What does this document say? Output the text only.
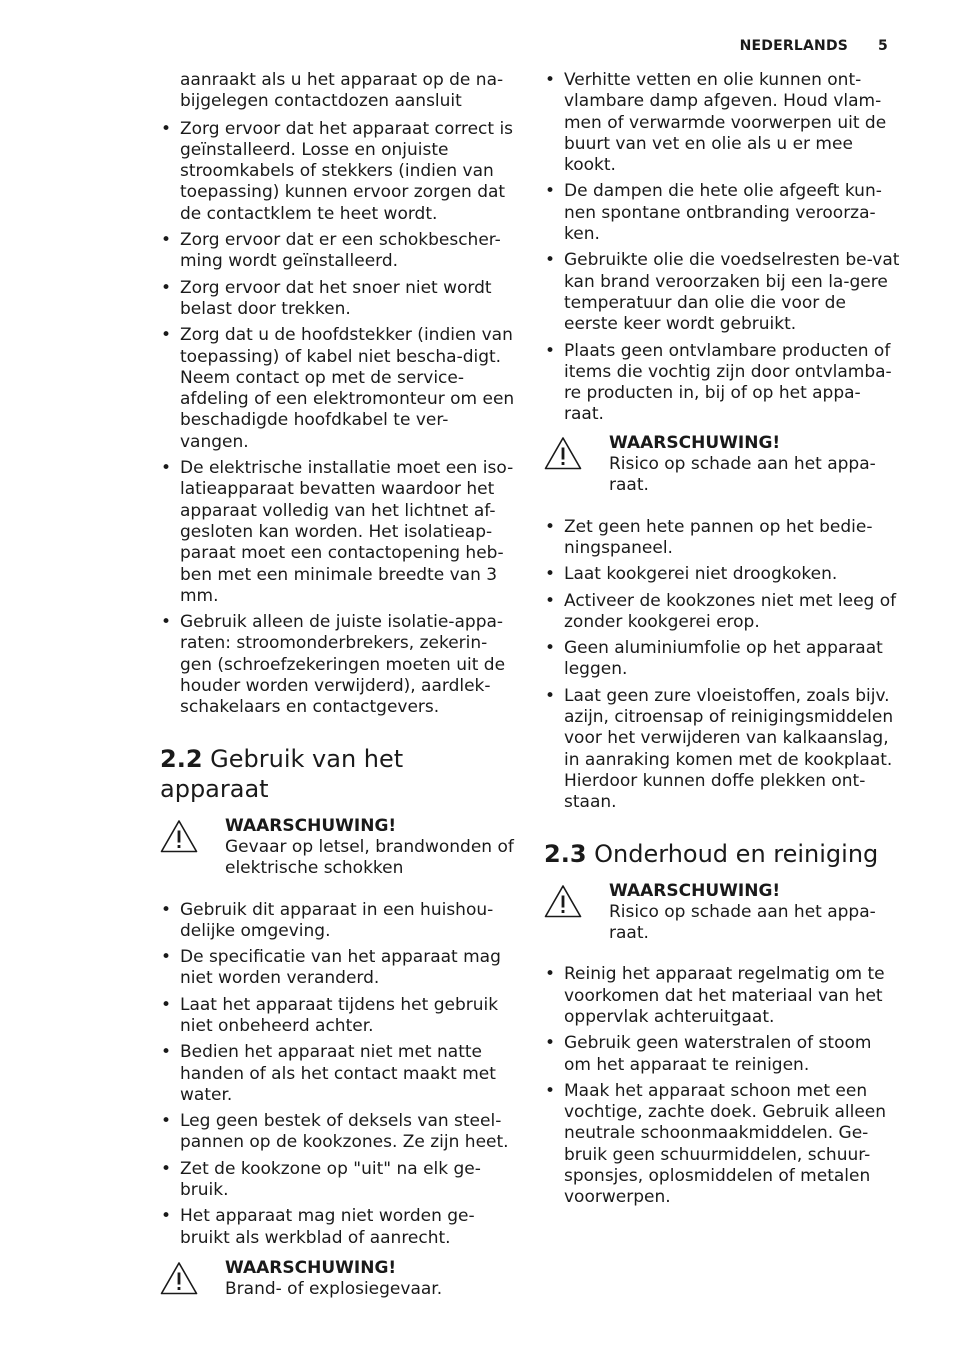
NEDERLANDS 5
aanraakt als u het apparaat op de na-bijgelegen contactdozen aansluit
• Zorg ervoor dat het apparaat correct is geïnstalleerd. Losse en onjuiste stroomkabels of stekkers (indien van toepassing) kunnen ervoor zorgen dat de contactklem te heet wordt.
• Zorg ervoor dat er een schokbescher-ming wordt geïnstalleerd.
• Zorg ervoor dat het snoer niet wordt belast door trekken.
• Zorg dat u de hoofdstekker (indien van toepassing) of kabel niet bescha-digt. Neem contact op met de service-afdeling of een elektromonteur om een beschadigde hoofdkabel te ver-vangen.
• De elektrische installatie moet een iso-latieapparaat bevatten waardoor het apparaat volledig van het lichtnet af-gesloten kan worden. Het isolatieap-paraat moet een contactopening heb-ben met een minimale breedte van 3 mm.
• Gebruik alleen de juiste isolatie-appa-raten: stroomonderbrekers, zekerin-gen (schroefzekeringen moeten uit de houder worden verwijderd), aardlek-schakelaars en contactgevers.
2.2 Gebruik van het apparaat
WAARSCHUWING!
Gevaar op letsel, brandwonden of elektrische schokken
• Gebruik dit apparaat in een huishou-delijke omgeving.
• De specificatie van het apparaat mag niet worden veranderd.
• Laat het apparaat tijdens het gebruik niet onbeheerd achter.
• Bedien het apparaat niet met natte handen of als het contact maakt met water.
• Leg geen bestek of deksels van steel-pannen op de kookzones. Ze zijn heet.
• Zet de kookzone op "uit" na elk ge-bruik.
• Het apparaat mag niet worden ge-bruikt als werkblad of aanrecht.
WAARSCHUWING!
Brand- of explosiegevaar.
• Verhitte vetten en olie kunnen ont-vlambare damp afgeven. Houd vlam-men of verwarmde voorwerpen uit de buurt van vet en olie als u er mee kookt.
• De dampen die hete olie afgeeft kun-nen spontane ontbranding veroorza-ken.
• Gebruikte olie die voedselresten be-vat kan brand veroorzaken bij een la-gere temperatuur dan olie die voor de eerste keer wordt gebruikt.
• Plaats geen ontvlambare producten of items die vochtig zijn door ontvlamba-re producten in, bij of op het appa-raat.
WAARSCHUWING!
Risico op schade aan het appa-raat.
• Zet geen hete pannen op het bedie-ningspaneel.
• Laat kookgerei niet droogkoken.
• Activeer de kookzones niet met leeg of zonder kookgerei erop.
• Geen aluminiumfolie op het apparaat leggen.
• Laat geen zure vloeistoffen, zoals bijv. azijn, citroensap of reinigingsmiddelen voor het verwijderen van kalkaanslag, in aanraking komen met de kookplaat. Hierdoor kunnen doffe plekken ont-staan.
2.3 Onderhoud en reiniging
WAARSCHUWING!
Risico op schade aan het appa-raat.
• Reinig het apparaat regelmatig om te voorkomen dat het materiaal van het oppervlak achteruitgaat.
• Gebruik geen waterstralen of stoom om het apparaat te reinigen.
• Maak het apparaat schoon met een vochtige, zachte doek. Gebruik alleen neutrale schoonmaakmiddelen. Ge-bruik geen schuurmiddelen, schuur-sponsjes, oplosmiddelen of metalen voorwerpen.
